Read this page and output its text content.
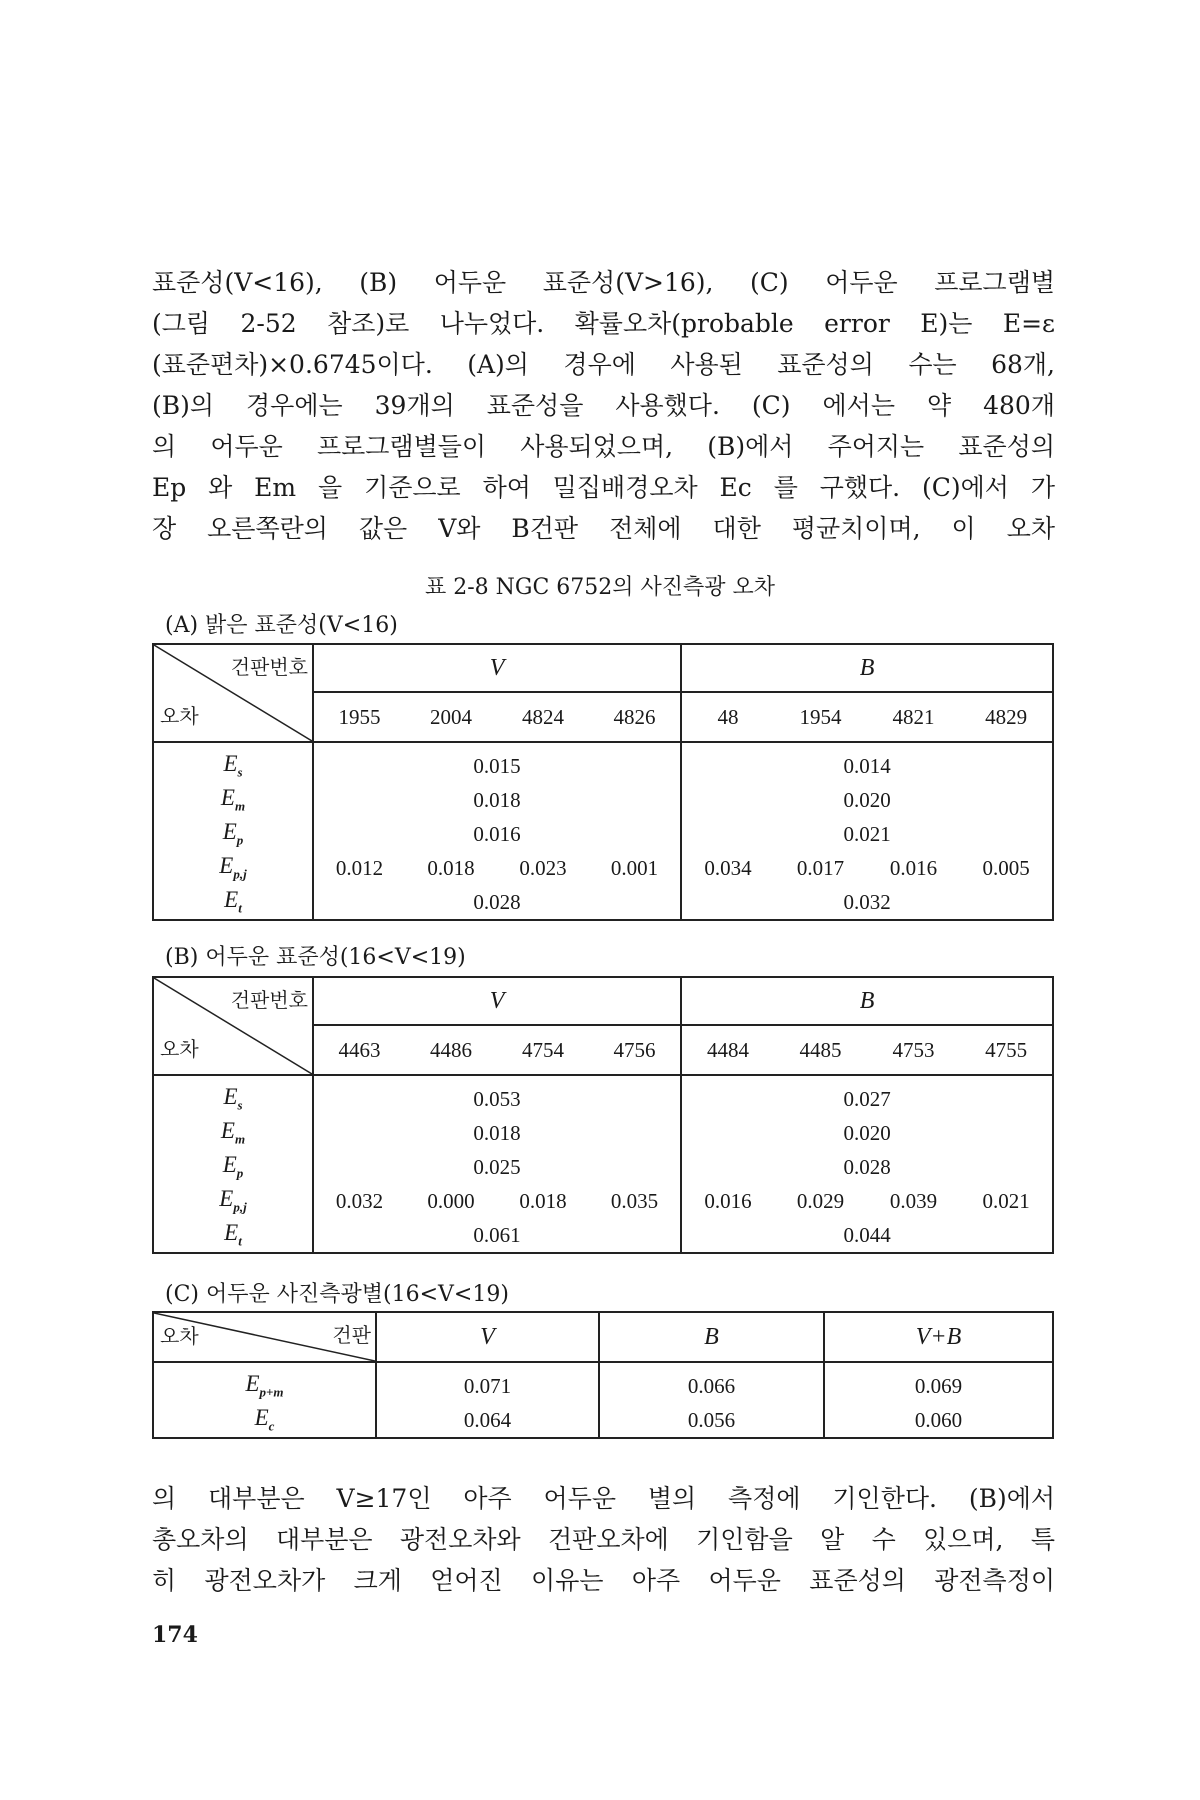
표준성(V<16), (B) 어두운 표준성(V>16), (C) 어두운 프로그램별
(그림 2-52 참조)로 나누었다. 확률오차(probable error E)는 E=ε
(표준편차)×0.6745이다. (A)의 경우에 사용된 표준성의 수는 68개,
(B)의 경우에는 39개의 표준성을 사용했다. (C) 에서는 약 480개
의 어두운 프로그램별들이 사용되었으며, (B)에서 주어지는 표준성의
Ep 와 Em 을 기준으로 하여 밀집배경오차 Ec 를 구했다. (C)에서 가
장 오른쪽란의 값은 V와 B건판 전체에 대한 평균치이며, 이 오차
표 2-8 NGC 6752의 사진측광 오차
(A) 밝은 표준성(V<16)
건판번호
오차	V				B			
	1955	2004	4824	4826	48	1954	4821	4829
$E_s$	0.015				0.014			
$E_m$	0.018				0.020			
$E_p$	0.016				0.021			
$E_{p,j}$	0.012	0.018	0.023	0.001	0.034	0.017	0.016	0.005
$E_t$	0.028				0.032			
(B) 어두운 표준성(16<V<19)
건판번호
오차	V				B			
	4463	4486	4754	4756	4484	4485	4753	4755
$E_s$	0.053				0.027			
$E_m$	0.018				0.020			
$E_p$	0.025				0.028			
$E_{p,j}$	0.032	0.000	0.018	0.035	0.016	0.029	0.039	0.021
$E_t$	0.061				0.044			
(C) 어두운 사진측광별(16<V<19)
건판
오차	V	B	V+B
$E_{p+m}$	0.071	0.066	0.069
$E_c$	0.064	0.056	0.060
의 대부분은 V≥17인 아주 어두운 별의 측정에 기인한다. (B)에서
총오차의 대부분은 광전오차와 건판오차에 기인함을 알 수 있으며, 특
히 광전오차가 크게 얻어진 이유는 아주 어두운 표준성의 광전측정이
174
